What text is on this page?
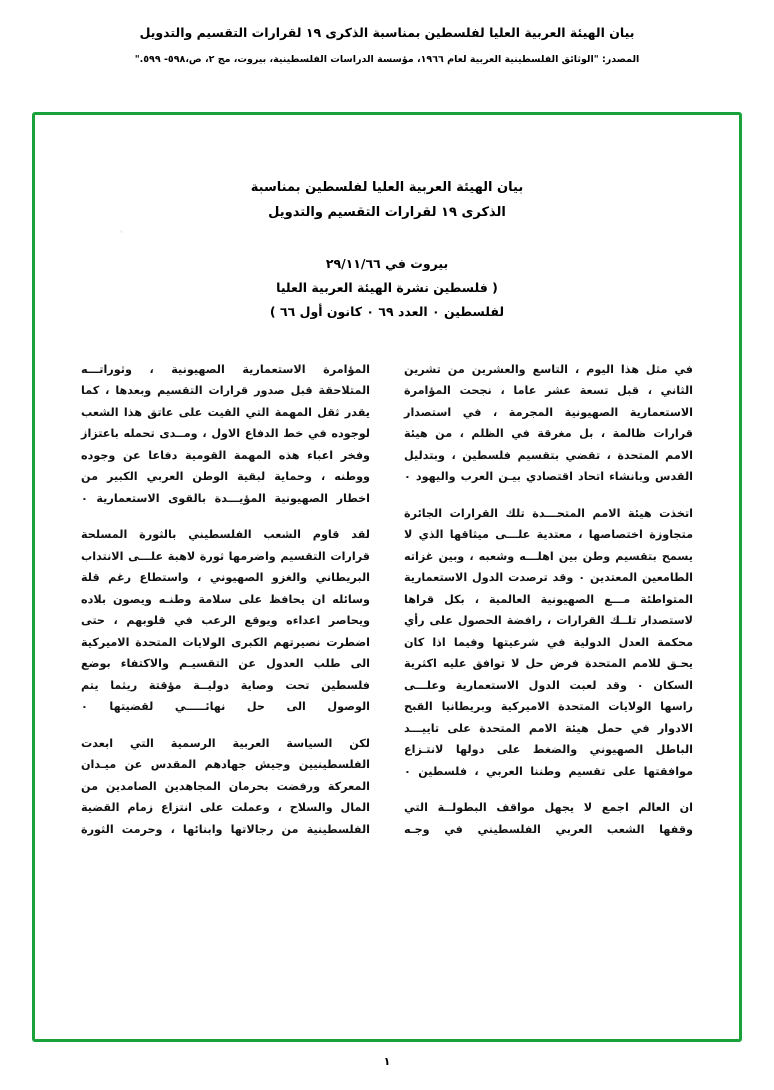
بيان الهيئة العربية العليا لفلسطين بمناسبة الذكرى ١٩ لقرارات التقسيم والتدويل
المصدر: "الوثائق الفلسطينية العربية لعام ١٩٦٦، مؤسسة الدراسات الفلسطينية، بيروت، مج ٢، ص،٥٩٨- ٥٩٩."
بيان الهيئة العربية العليا لفلسطين بمناسبة
الذكرى ١٩ لقرارات التقسيم والتدويل
بيروت في ٢٩/١١/٦٦
( فلسطين نشرة الهيئة العربية العليا
لفلسطين ٠ العدد ٦٩ ٠ كانون أول ٦٦ )

في مثل هذا اليوم ، التاسع والعشرين من تشرين الثاني ، قبل تسعة عشر عاما ، نجحت المؤامرة الاستعمارية الصهيونية المجرمة ، في استصدار قرارات ظالمة ، بل مغرقة في الظلم ، من هيئة الامم المتحدة ، تقضي بتقسيم فلسطين ، وبتدليل القدس وبانشاء اتحاد اقتصادي بيـن العرب واليهود ٠

اتخذت هيئة الامم المتحـــدة تلك القرارات الجائرة متجاوزة اختصاصها ، معتدية علـــى ميثاقها الذي لا يسمح بتقسيم وطن بين اهلـــه وشعبه ، وبين غزاته الطامعين المعتدين ٠ وقد ترصدت الدول الاستعمارية المتواطئة مـــع الصهيونية العالمية ، بكل قراها لاستصدار تلــك القرارات ، رافضة الحصول على رأي محكمة العدل الدولية في شرعيتها وفيما اذا كان يحـق للامم المتحدة فرض حل لا توافق عليه اكثرية السكان ٠ وقد لعبت الدول الاستعمارية وعلـــى راسها الولايات المتحدة الاميركية وبريطانيا القبح الادوار في حمل هيئة الامم المتحدة على تاييـــد الباطل الصهيوني والضغط على دولها لانتـزاع موافقتها على تقسيم وطننا العربي ، فلسطين ٠

ان العالم اجمع لا يجهل مواقف البطولــة التي وقفها الشعب العربي الفلسطيني في وجـه

المؤامرة الاستعمارية الصهيونية ، وثوراتـــه المتلاحقة قبل صدور قرارات التقسيم وبعدها ، كما يقدر ثقل المهمة التي القيت على عاتق هذا الشعب لوجوده في خط الدفاع الاول ، ومــدى تحمله باعتزاز وفخر اعباء هذه المهمة القومية دفاعا عن وجوده ووطنه ، وحماية لبقية الوطن العربي الكبير من اخطار الصهيونية المؤيـــدة بالقوى الاستعمارية ٠

لقد قاوم الشعب الفلسطيني بالثورة المسلحة قرارات التقسيم واضرمها ثورة لاهبة علـــى الانتداب البريطاني والغزو الصهيوني ، واستطاع رغم قلة وسائله ان يحافظ على سلامة وطنـه ويصون بلاده ويحاصر اعداءه ويوقع الرعب في قلوبهم ، حتى اضطرت نصيرتهم الكبرى الولايات المتحدة الاميركية الى طلب العدول عن التقسيـم والاكتفاء بوضع فلسطين تحت وصاية دوليــة مؤقتة ريثما يتم الوصول الى حل نهائـــــي لقضيتها ٠

لكن السياسة العربية الرسمية التي ابعدت الفلسطينيين وجيش جهادهم المقدس عن ميـدان المعركة ورفضت بحرمان المجاهدين الصامدين من المال والسلاح ، وعملت على انتزاع زمام القضية الفلسطينية من رجالاتها وابنائها ، وحرمت الثورة

١
